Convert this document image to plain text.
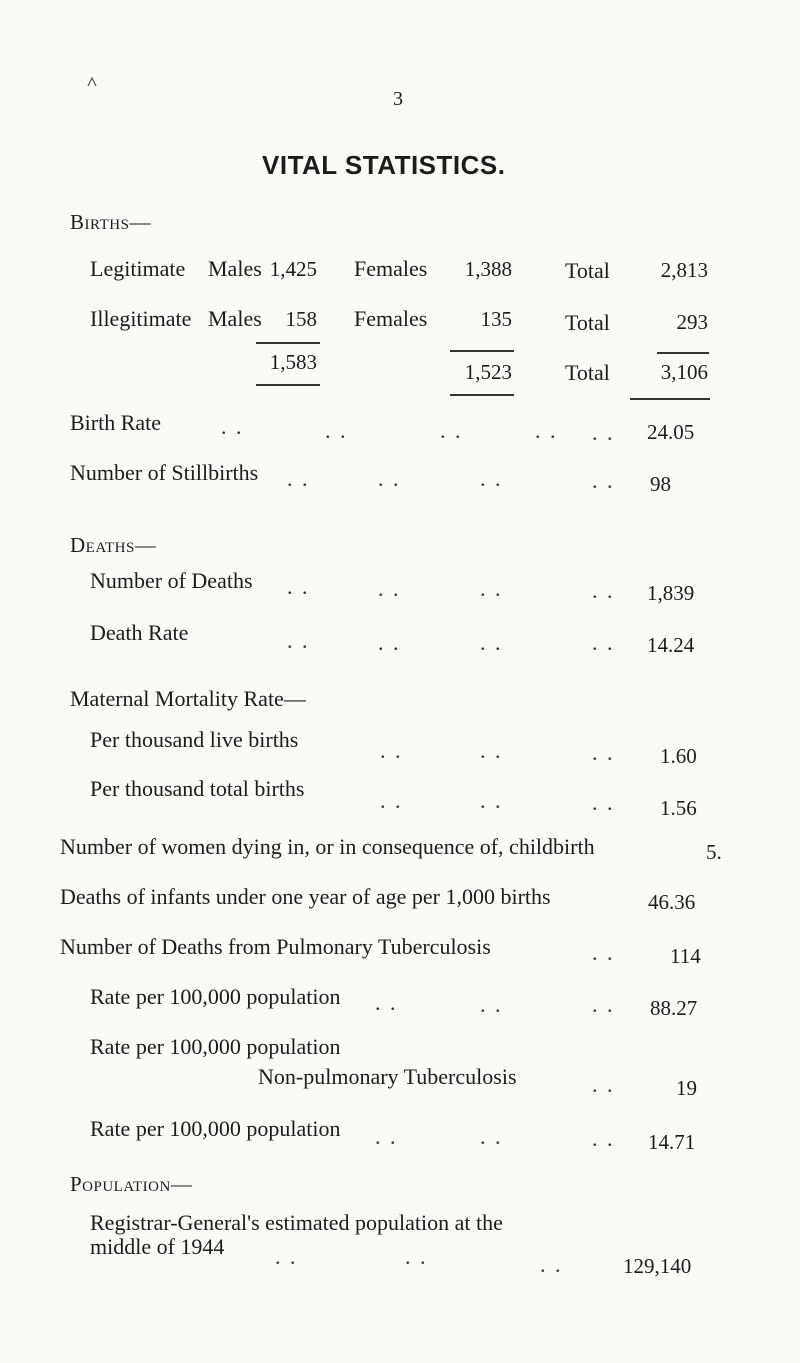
3
VITAL STATISTICS.
Births—
Legitimate Males 1,425 Females	1,388 Total	2,813
Illegitimate Males	158 Females	135 Total	293
1,583	1,523 Total	3,106
Birth Rate	. .	. .	. .	. . . . 24.05
Number of Stillbirths . .	. .	. .	. . 98
Deaths—
Number of Deaths . .	. .	. .	. . 1,839
Death Rate	. .	. .	. .	. . 14.24
Maternal Mortality Rate—
Per thousand live births	. .	. .	. . 1.60
Per thousand total births	. .	. .	. . 1.56
Number of women dying in, or in consequence of, childbirth	5.
Deaths of infants under one year of age per 1,000 births	46.36
Number of Deaths from Pulmonary Tuberculosis	. .	114
Rate per 100,000 population . .	. .	. . 88.27
Rate per 100,000 population
Non-pulmonary Tuberculosis	. .	19
Rate per 100,000 population . .	. .	. . 14.71
Population—
Registrar-General's estimated population at the
middle of 1944 . .	. .	. .	129,140
